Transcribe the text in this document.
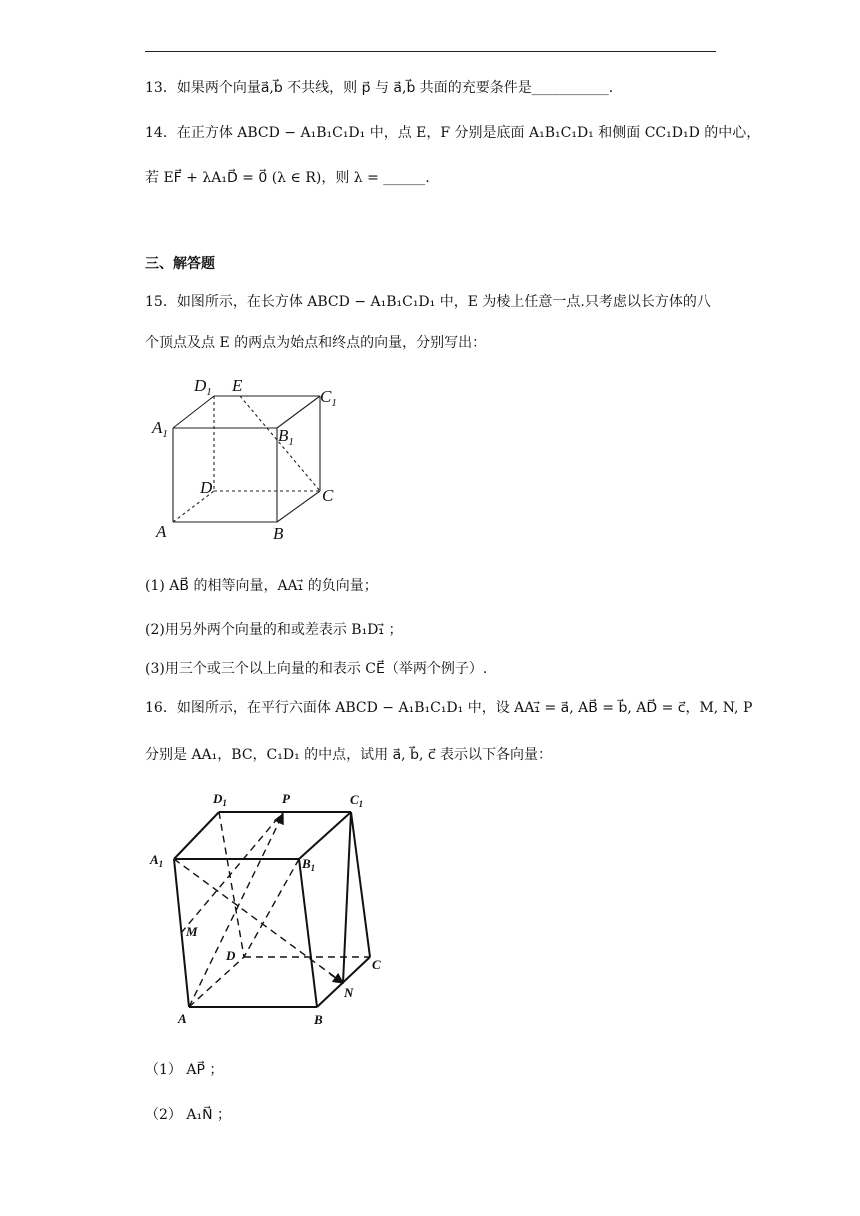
13．如果两个向量a⃗,b⃗ 不共线，则 p⃗ 与 a⃗,b⃗ 共面的充要条件是___________.
14．在正方体 ABCD − A₁B₁C₁D₁ 中，点 E，F 分别是底面 A₁B₁C₁D₁ 和侧面 CC₁D₁D 的中心，
若 EF⃗ + λA₁D⃗ = 0⃗ (λ ∈ R)，则 λ = ______.
三、解答题
15．如图所示，在长方体 ABCD − A₁B₁C₁D₁ 中，E 为棱上任意一点.只考虑以长方体的八
个顶点及点 E 的两点为始点和终点的向量，分别写出：
$D_1$ E
$C_1$
$A_1$	$B_1$
D	C
A	B
(1) AB⃗ 的相等向量，AA₁⃗ 的负向量；
(2)用另外两个向量的和或差表示 B₁D₁⃗ ；
(3)用三个或三个以上向量的和表示 CE⃗（举两个例子）.
16．如图所示，在平行六面体 ABCD − A₁B₁C₁D₁ 中，设 AA₁⃗ = a⃗, AB⃗ = b⃗, AD⃗ = c⃗，M, N, P
分别是 AA₁，BC，C₁D₁ 的中点，试用 a⃗, b⃗, c⃗ 表示以下各向量：
$D_1$	P	$C_1$
$A_1$	$B_1$
M
D
C
N
A	B
（1） AP⃗ ；
（2） A₁N⃗ ；
